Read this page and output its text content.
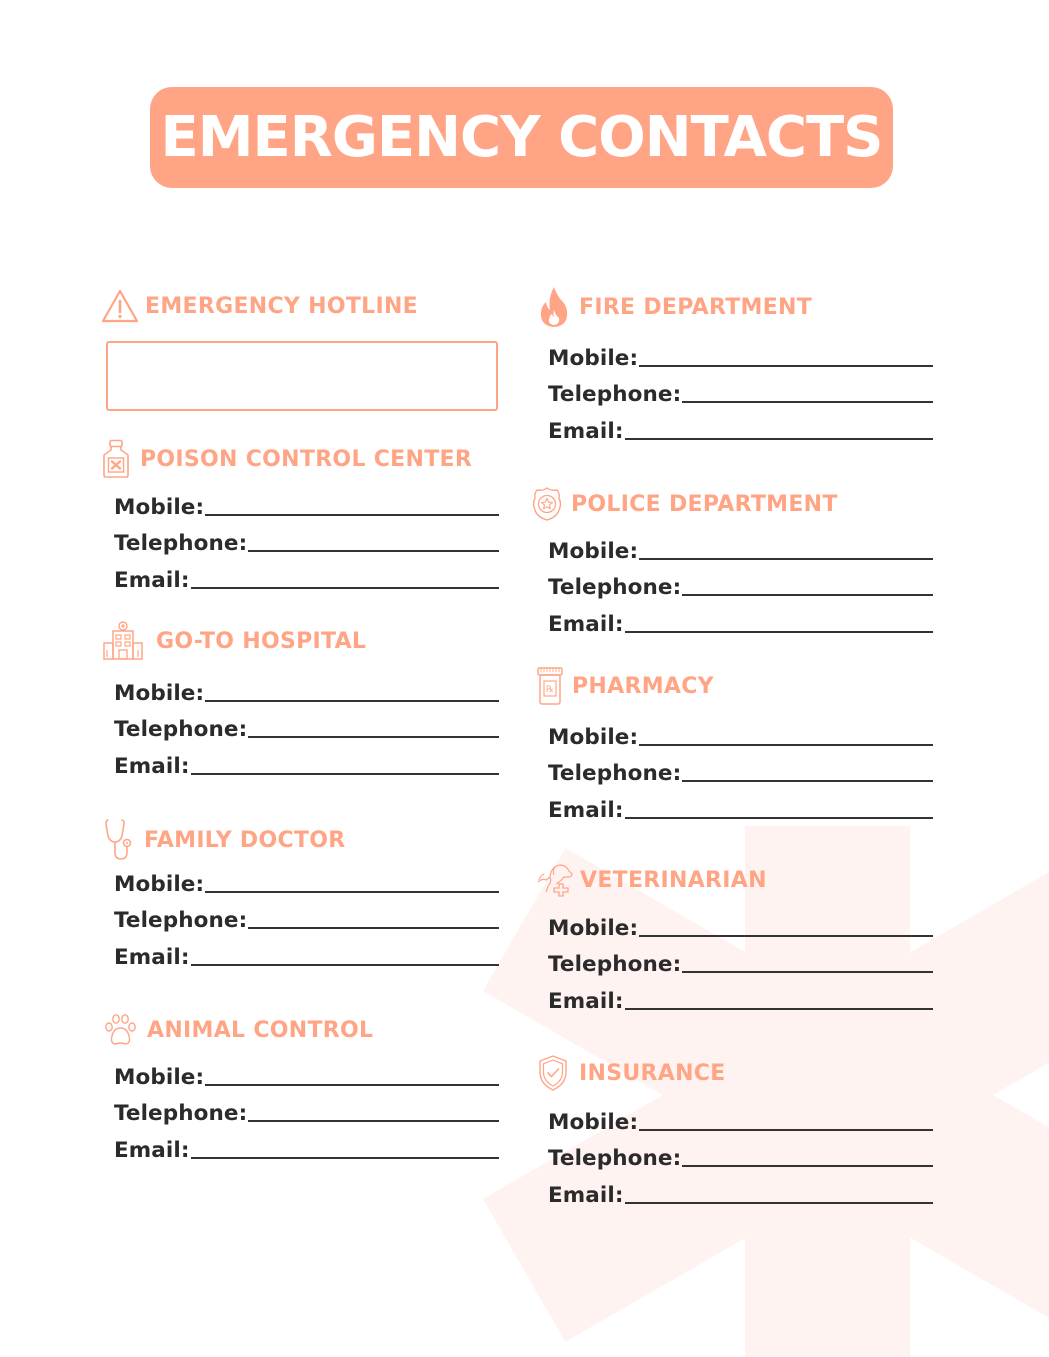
EMERGENCY CONTACTS
EMERGENCY HOTLINE
POISON CONTROL CENTER
Mobile:
Telephone:
Email:
GO-TO HOSPITAL
Mobile:
Telephone:
Email:
FAMILY DOCTOR
Mobile:
Telephone:
Email:
ANIMAL CONTROL
Mobile:
Telephone:
Email:
FIRE DEPARTMENT
Mobile:
Telephone:
Email:
POLICE DEPARTMENT
Mobile:
Telephone:
Email:
℞ PHARMACY
Mobile:
Telephone:
Email:
VETERINARIAN
Mobile:
Telephone:
Email:
INSURANCE
Mobile:
Telephone:
Email:
